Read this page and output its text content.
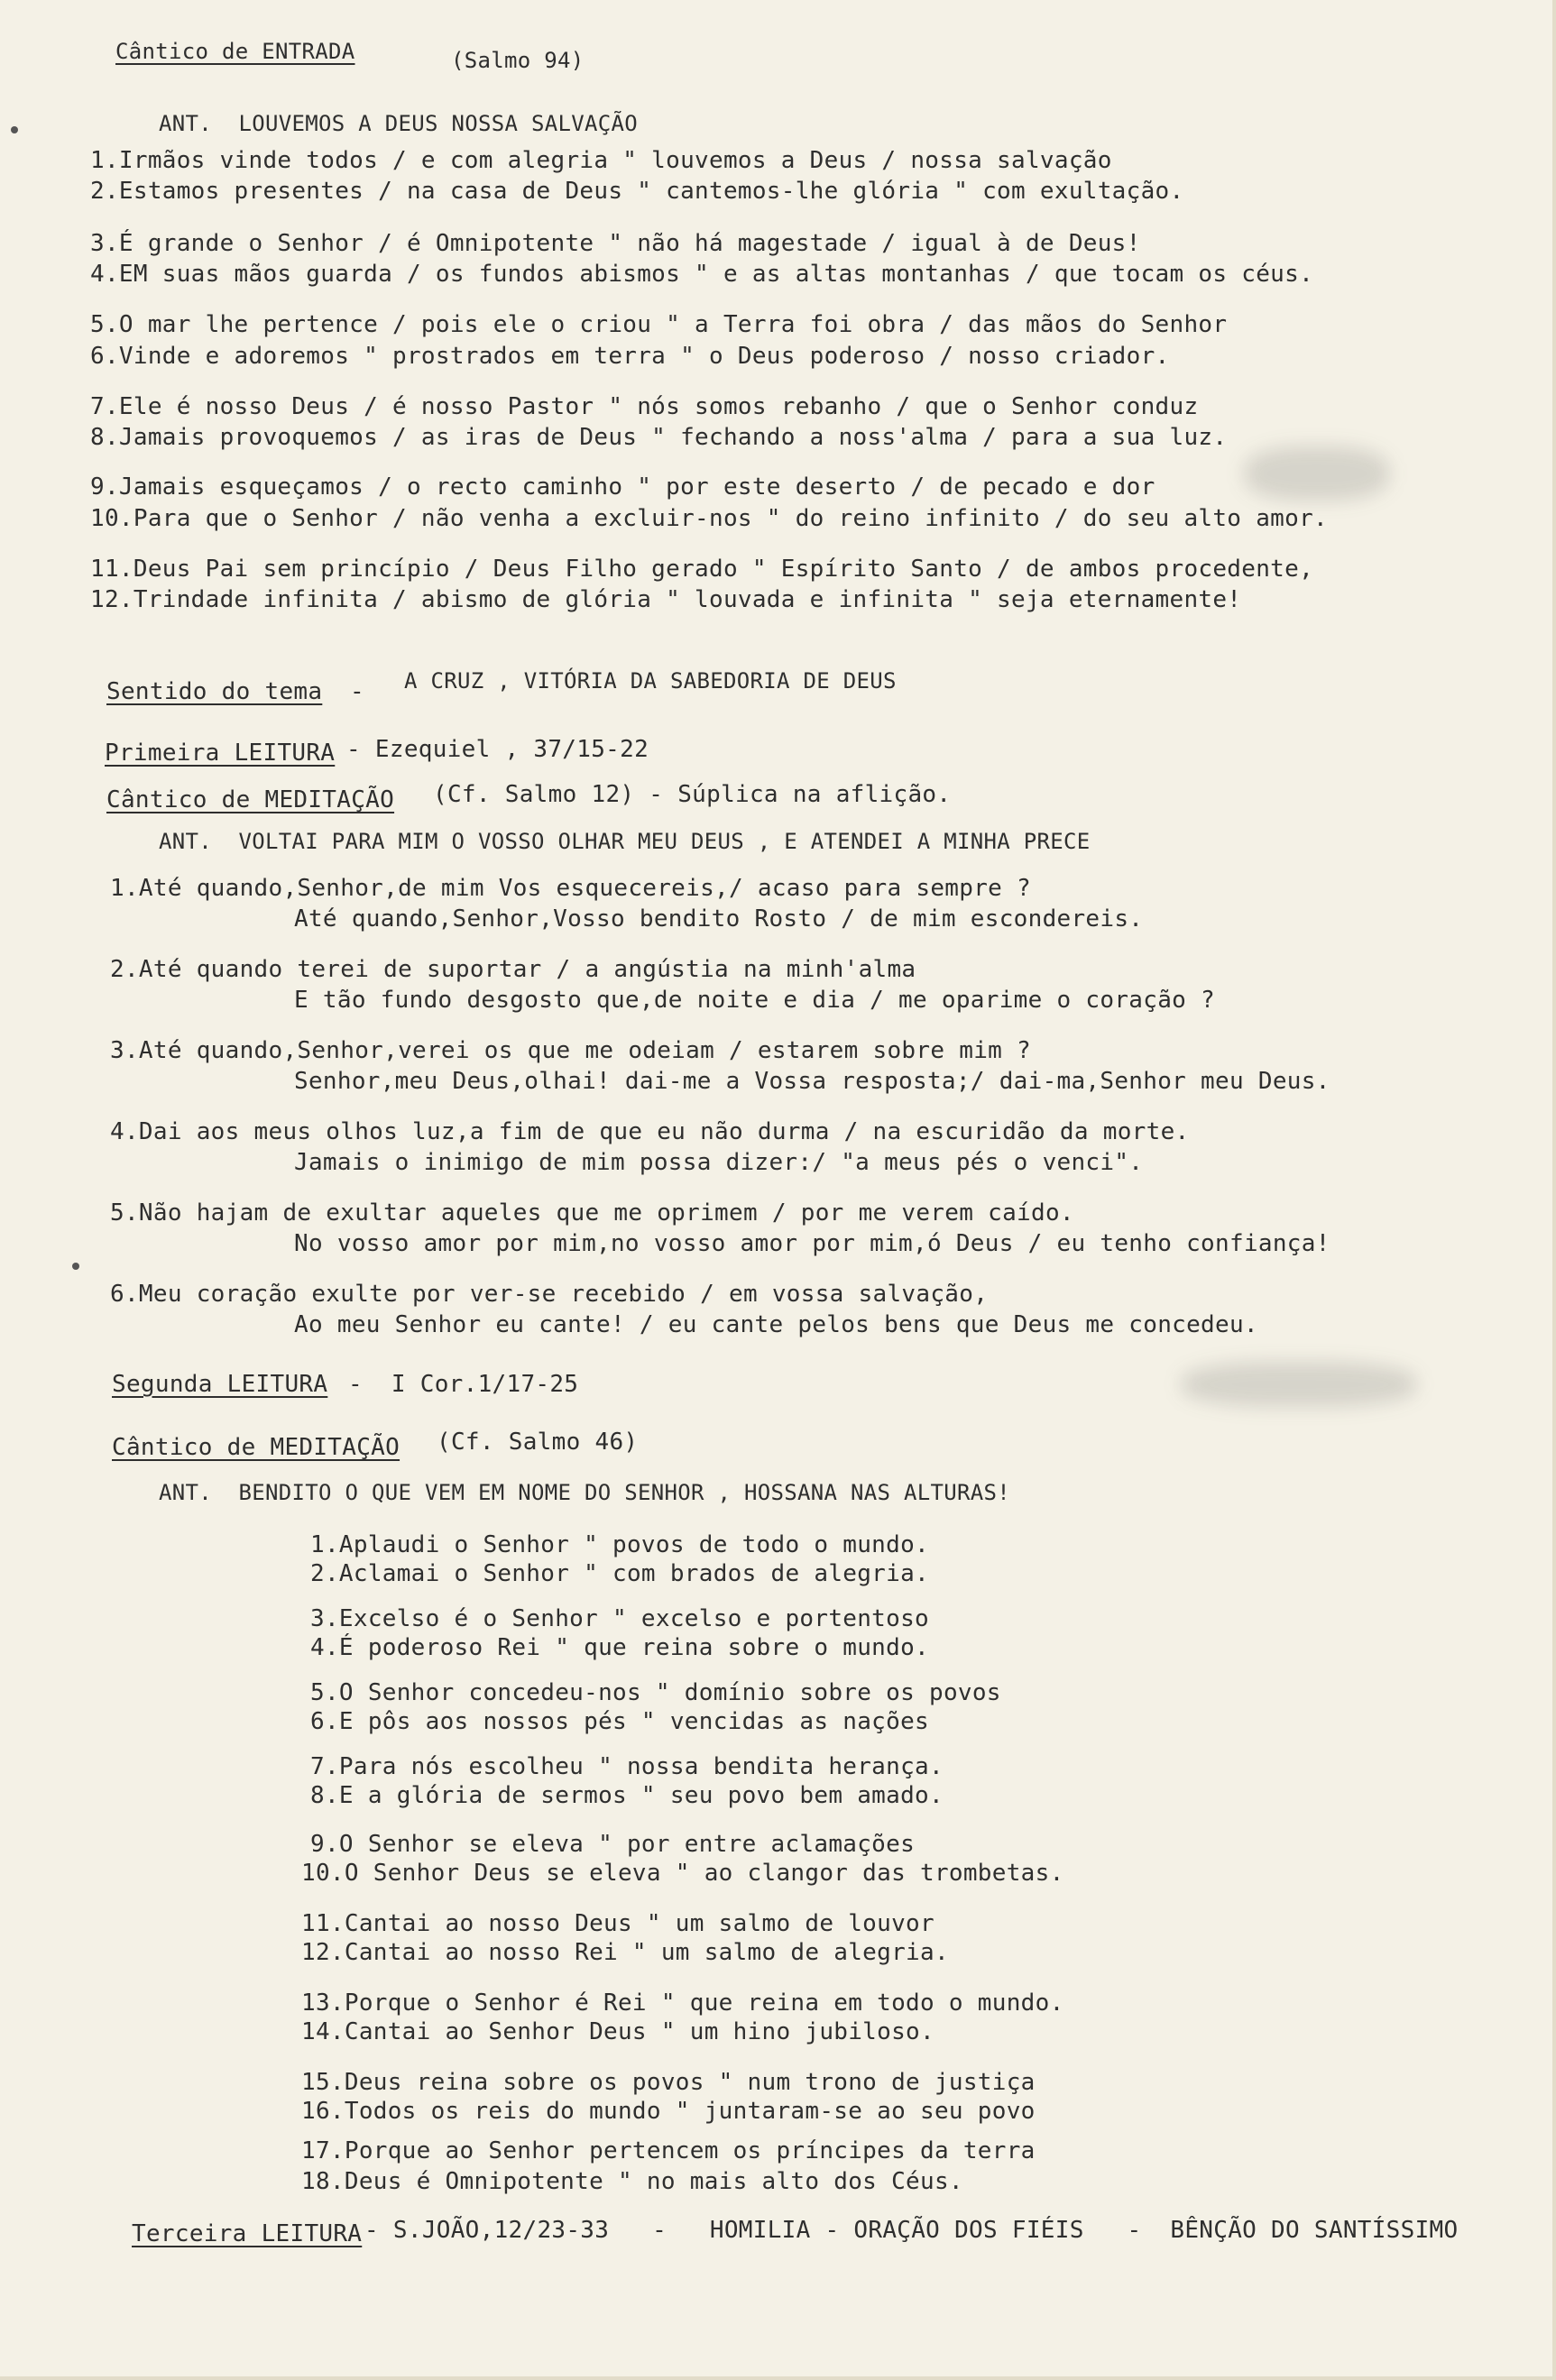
Cântico de ENTRADA	(Salmo 94)
ANT.  LOUVEMOS A DEUS NOSSA SALVAÇÃO
1.Irmãos vinde todos / e com alegria " louvemos a Deus / nossa salvação
2.Estamos presentes / na casa de Deus " cantemos-lhe glória " com exultação.
3.É grande o Senhor / é Omnipotente " não há magestade / igual à de Deus!
4.EM suas mãos guarda / os fundos abismos " e as altas montanhas / que tocam os céus.
5.O mar lhe pertence / pois ele o criou " a Terra foi obra / das mãos do Senhor
6.Vinde e adoremos " prostrados em terra " o Deus poderoso / nosso criador.
7.Ele é nosso Deus / é nosso Pastor " nós somos rebanho / que o Senhor conduz
8.Jamais provoquemos / as iras de Deus " fechando a noss'alma / para a sua luz.
9.Jamais esqueçamos / o recto caminho " por este deserto / de pecado e dor
10.Para que o Senhor / não venha a excluir-nos " do reino infinito / do seu alto amor.
11.Deus Pai sem princípio / Deus Filho gerado " Espírito Santo / de ambos procedente,
12.Trindade infinita / abismo de glória " louvada e infinita " seja eternamente!
Sentido do tema - A CRUZ , VITÓRIA DA SABEDORIA DE DEUS
Primeira LEITURA - Ezequiel , 37/15-22
Cântico de MEDITAÇÃO (Cf. Salmo 12) - Súplica na aflição.
ANT.  VOLTAI PARA MIM O VOSSO OLHAR MEU DEUS , E ATENDEI A MINHA PRECE
1.Até quando,Senhor,de mim Vos esquecereis,/ acaso para sempre ?
Até quando,Senhor,Vosso bendito Rosto / de mim escondereis.
2.Até quando terei de suportar / a angústia na minh'alma
E tão fundo desgosto que,de noite e dia / me oparime o coração ?
3.Até quando,Senhor,verei os que me odeiam / estarem sobre mim ?
Senhor,meu Deus,olhai! dai-me a Vossa resposta;/ dai-ma,Senhor meu Deus.
4.Dai aos meus olhos luz,a fim de que eu não durma / na escuridão da morte.
Jamais o inimigo de mim possa dizer:/ "a meus pés o venci".
5.Não hajam de exultar aqueles que me oprimem / por me verem caído.
No vosso amor por mim,no vosso amor por mim,ó Deus / eu tenho confiança!
6.Meu coração exulte por ver-se recebido / em vossa salvação,
Ao meu Senhor eu cante! / eu cante pelos bens que Deus me concedeu.
Segunda LEITURA -  I Cor.1/17-25
Cântico de MEDITAÇÃO (Cf. Salmo 46)
ANT.  BENDITO O QUE VEM EM NOME DO SENHOR , HOSSANA NAS ALTURAS!
1.Aplaudi o Senhor " povos de todo o mundo.
2.Aclamai o Senhor " com brados de alegria.
3.Excelso é o Senhor " excelso e portentoso
4.É poderoso Rei " que reina sobre o mundo.
5.O Senhor concedeu-nos " domínio sobre os povos
6.E pôs aos nossos pés " vencidas as nações
7.Para nós escolheu " nossa bendita herança.
8.E a glória de sermos " seu povo bem amado.
9.O Senhor se eleva " por entre aclamações
10.O Senhor Deus se eleva " ao clangor das trombetas.
11.Cantai ao nosso Deus " um salmo de louvor
12.Cantai ao nosso Rei " um salmo de alegria.
13.Porque o Senhor é Rei " que reina em todo o mundo.
14.Cantai ao Senhor Deus " um hino jubiloso.
15.Deus reina sobre os povos " num trono de justiça
16.Todos os reis do mundo " juntaram-se ao seu povo
17.Porque ao Senhor pertencem os príncipes da terra
18.Deus é Omnipotente " no mais alto dos Céus.
Terceira LEITURA - S.JOÃO,12/23-33   -   HOMILIA - ORAÇÃO DOS FIÉIS   -  BÊNÇÃO DO SANTÍSSIMO
